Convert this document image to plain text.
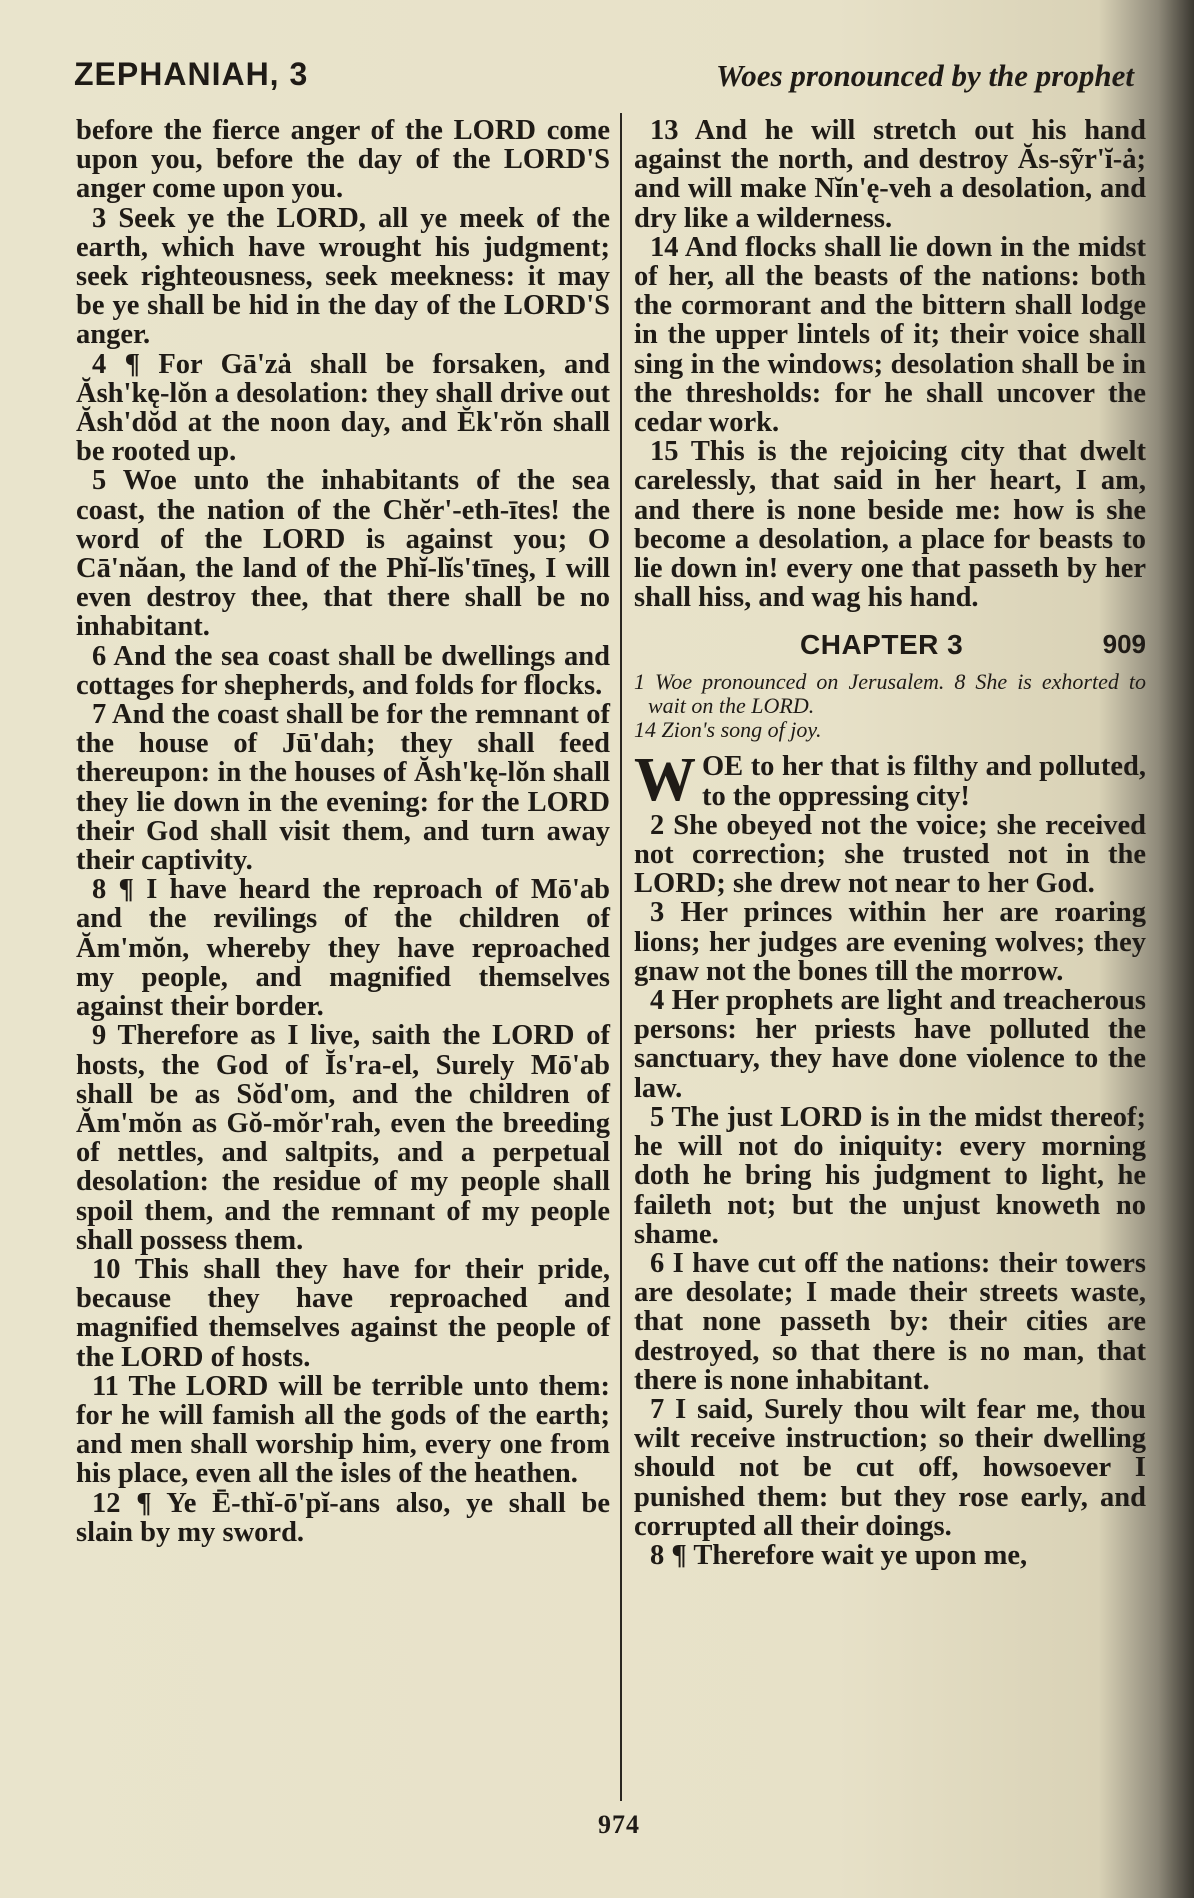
ZEPHANIAH, 3	Woes pronounced by the prophet

before the fierce anger of the LORD come upon you, before the day of the LORD'S anger come upon you.

3 Seek ye the LORD, all ye meek of the earth, which have wrought his judgment; seek righteousness, seek meekness: it may be ye shall be hid in the day of the LORD'S anger.

4 ¶ For Gā'zȧ shall be forsaken, and Ăsh'kę-lŏn a desolation: they shall drive out Ăsh'dŏd at the noon day, and Ĕk'rŏn shall be rooted up.

5 Woe unto the inhabitants of the sea coast, the nation of the Chĕr'-eth-ītes! the word of the LORD is against you; O Cā'năan, the land of the Phĭ-lĭs'tīneş, I will even destroy thee, that there shall be no inhabitant.

6 And the sea coast shall be dwellings and cottages for shepherds, and folds for flocks.

7 And the coast shall be for the remnant of the house of Jū'dah; they shall feed thereupon: in the houses of Ăsh'kę-lŏn shall they lie down in the evening: for the LORD their God shall visit them, and turn away their captivity.

8 ¶ I have heard the reproach of Mō'ab and the revilings of the children of Ăm'mŏn, whereby they have reproached my people, and magnified themselves against their border.

9 Therefore as I live, saith the LORD of hosts, the God of Ĭs'ra-el, Surely Mō'ab shall be as Sŏd'om, and the children of Ăm'mŏn as Gŏ-mŏr'rah, even the breeding of nettles, and saltpits, and a perpetual desolation: the residue of my people shall spoil them, and the remnant of my people shall possess them.

10 This shall they have for their pride, because they have reproached and magnified themselves against the people of the LORD of hosts.

11 The LORD will be terrible unto them: for he will famish all the gods of the earth; and men shall worship him, every one from his place, even all the isles of the heathen.

12 ¶ Ye Ē-thĭ-ō'pĭ-ans also, ye shall be slain by my sword.

13 And he will stretch out his hand against the north, and destroy Ăs-sỹr'ĭ-ȧ; and will make Nĭn'ę-veh a desolation, and dry like a wilderness.

14 And flocks shall lie down in the midst of her, all the beasts of the nations: both the cormorant and the bittern shall lodge in the upper lintels of it; their voice shall sing in the windows; desolation shall be in the thresholds: for he shall uncover the cedar work.

15 This is the rejoicing city that dwelt carelessly, that said in her heart, I am, and there is none beside me: how is she become a desolation, a place for beasts to lie down in! every one that passeth by her shall hiss, and wag his hand.

CHAPTER 3	909
1 Woe pronounced on Jerusalem. 8 She is exhorted to wait on the LORD.
14 Zion's song of joy.

WOE to her that is filthy and polluted, to the oppressing city!

2 She obeyed not the voice; she received not correction; she trusted not in the LORD; she drew not near to her God.

3 Her princes within her are roaring lions; her judges are evening wolves; they gnaw not the bones till the morrow.

4 Her prophets are light and treacherous persons: her priests have polluted the sanctuary, they have done violence to the law.

5 The just LORD is in the midst thereof; he will not do iniquity: every morning doth he bring his judgment to light, he faileth not; but the unjust knoweth no shame.

6 I have cut off the nations: their towers are desolate; I made their streets waste, that none passeth by: their cities are destroyed, so that there is no man, that there is none inhabitant.

7 I said, Surely thou wilt fear me, thou wilt receive instruction; so their dwelling should not be cut off, howsoever I punished them: but they rose early, and corrupted all their doings.

8 ¶ Therefore wait ye upon me,

974
